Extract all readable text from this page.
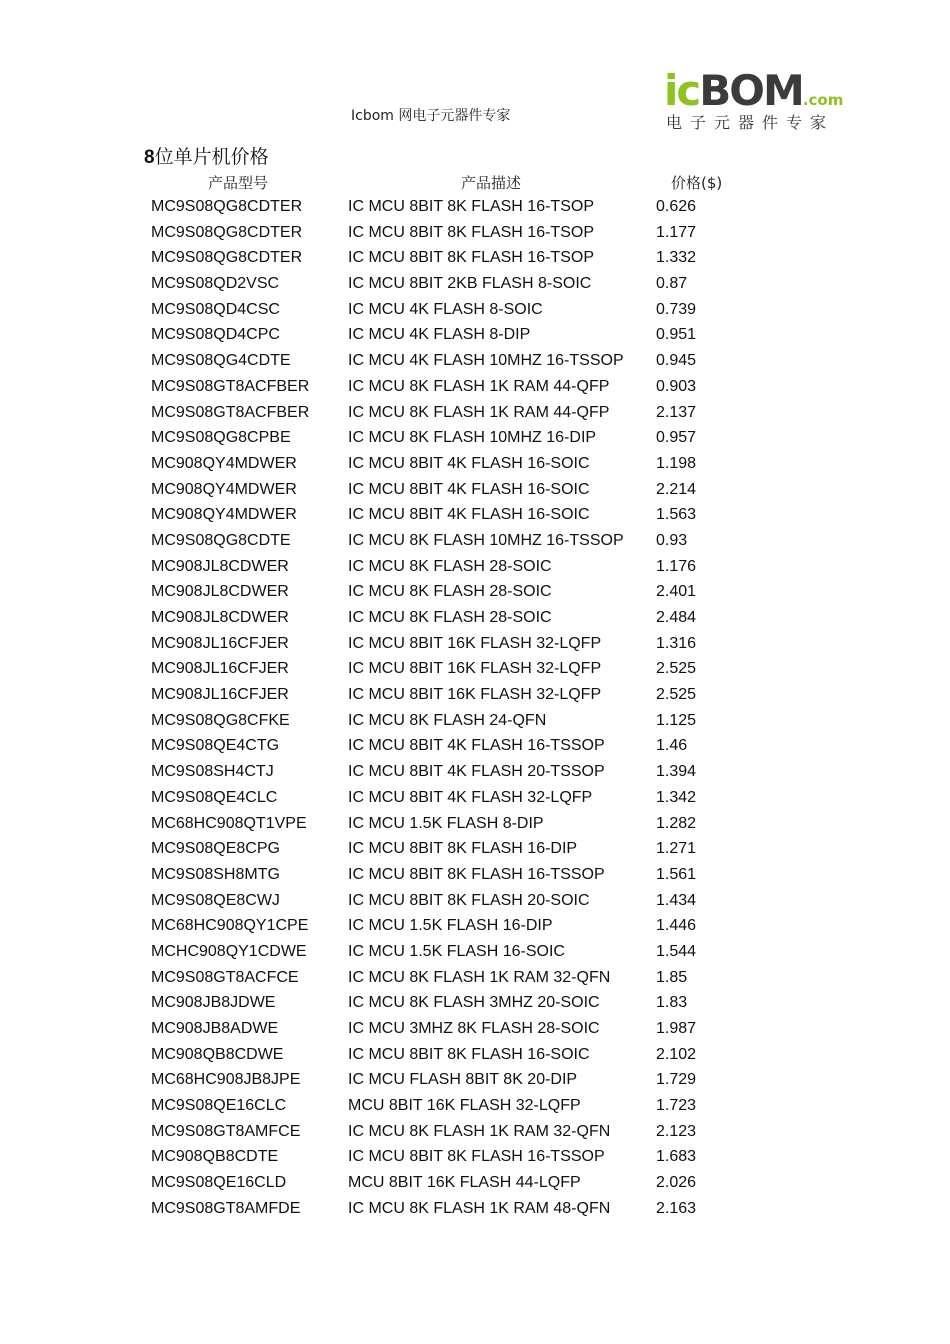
Icbom 网电子元器件专家
icBOM.com
电子元器件专家
8位单片机价格
产品型号	产品描述	价格($)
MC9S08QG8CDTER	IC MCU 8BIT 8K FLASH 16-TSOP	0.626
MC9S08QG8CDTER	IC MCU 8BIT 8K FLASH 16-TSOP	1.177
MC9S08QG8CDTER	IC MCU 8BIT 8K FLASH 16-TSOP	1.332
MC9S08QD2VSC	IC MCU 8BIT 2KB FLASH 8-SOIC	0.87
MC9S08QD4CSC	IC MCU 4K FLASH 8-SOIC	0.739
MC9S08QD4CPC	IC MCU 4K FLASH 8-DIP	0.951
MC9S08QG4CDTE	IC MCU 4K FLASH 10MHZ 16-TSSOP 0.945
MC9S08GT8ACFBER IC MCU 8K FLASH 1K RAM 44-QFP	0.903
MC9S08GT8ACFBER IC MCU 8K FLASH 1K RAM 44-QFP	2.137
MC9S08QG8CPBE	IC MCU 8K FLASH 10MHZ 16-DIP	0.957
MC908QY4MDWER	IC MCU 8BIT 4K FLASH 16-SOIC	1.198
MC908QY4MDWER	IC MCU 8BIT 4K FLASH 16-SOIC	2.214
MC908QY4MDWER	IC MCU 8BIT 4K FLASH 16-SOIC	1.563
MC9S08QG8CDTE	IC MCU 8K FLASH 10MHZ 16-TSSOP 0.93
MC908JL8CDWER	IC MCU 8K FLASH 28-SOIC	1.176
MC908JL8CDWER	IC MCU 8K FLASH 28-SOIC	2.401
MC908JL8CDWER	IC MCU 8K FLASH 28-SOIC	2.484
MC908JL16CFJER	IC MCU 8BIT 16K FLASH 32-LQFP	1.316
MC908JL16CFJER	IC MCU 8BIT 16K FLASH 32-LQFP	2.525
MC908JL16CFJER	IC MCU 8BIT 16K FLASH 32-LQFP	2.525
MC9S08QG8CFKE	IC MCU 8K FLASH 24-QFN	1.125
MC9S08QE4CTG	IC MCU 8BIT 4K FLASH 16-TSSOP	1.46
MC9S08SH4CTJ	IC MCU 8BIT 4K FLASH 20-TSSOP	1.394
MC9S08QE4CLC	IC MCU 8BIT 4K FLASH 32-LQFP	1.342
MC68HC908QT1VPE	IC MCU 1.5K FLASH 8-DIP	1.282
MC9S08QE8CPG	IC MCU 8BIT 8K FLASH 16-DIP	1.271
MC9S08SH8MTG	IC MCU 8BIT 8K FLASH 16-TSSOP	1.561
MC9S08QE8CWJ	IC MCU 8BIT 8K FLASH 20-SOIC	1.434
MC68HC908QY1CPE IC MCU 1.5K FLASH 16-DIP	1.446
MCHC908QY1CDWE	IC MCU 1.5K FLASH 16-SOIC	1.544
MC9S08GT8ACFCE	IC MCU 8K FLASH 1K RAM 32-QFN	1.85
MC908JB8JDWE	IC MCU 8K FLASH 3MHZ 20-SOIC	1.83
MC908JB8ADWE	IC MCU 3MHZ 8K FLASH 28-SOIC	1.987
MC908QB8CDWE	IC MCU 8BIT 8K FLASH 16-SOIC	2.102
MC68HC908JB8JPE	IC MCU FLASH 8BIT 8K 20-DIP	1.729
MC9S08QE16CLC	MCU 8BIT 16K FLASH 32-LQFP	1.723
MC9S08GT8AMFCE	IC MCU 8K FLASH 1K RAM 32-QFN	2.123
MC908QB8CDTE	IC MCU 8BIT 8K FLASH 16-TSSOP	1.683
MC9S08QE16CLD	MCU 8BIT 16K FLASH 44-LQFP	2.026
MC9S08GT8AMFDE	IC MCU 8K FLASH 1K RAM 48-QFN	2.163
